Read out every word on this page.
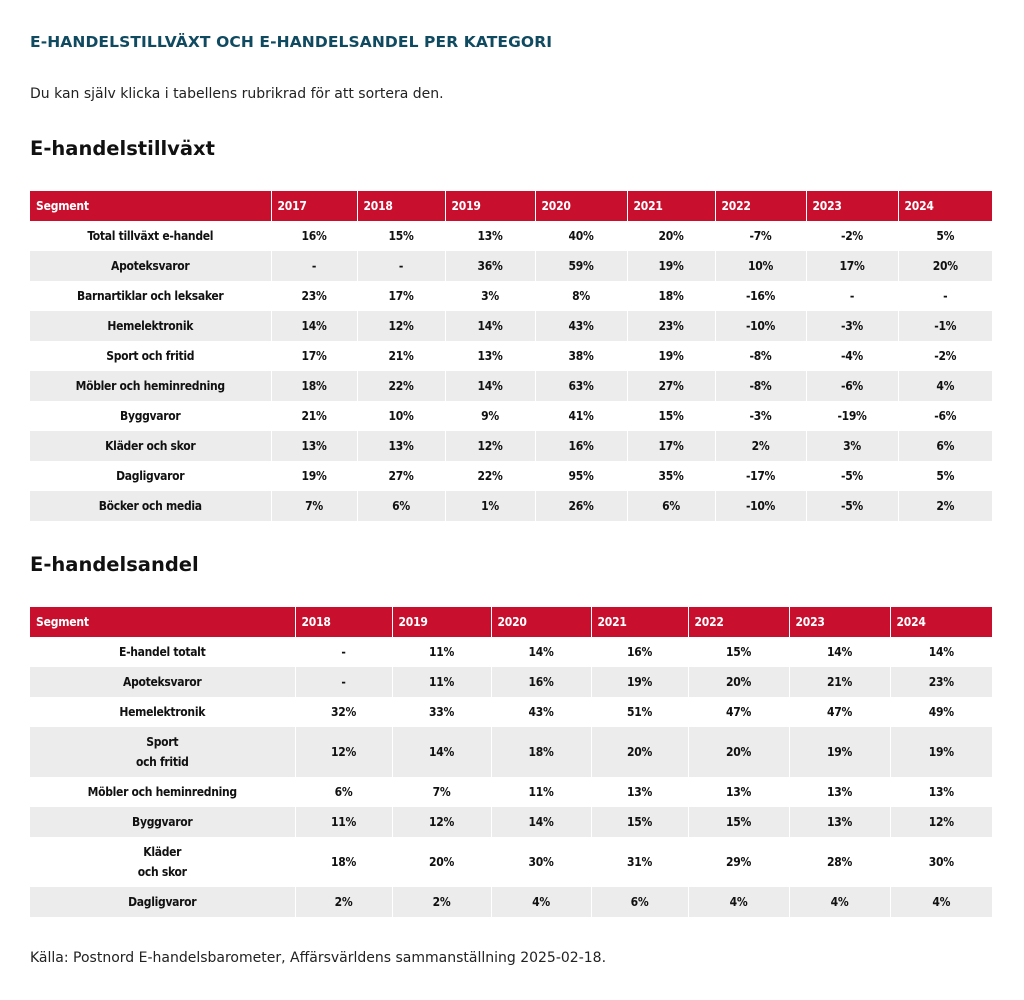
E-HANDELSTILLVÄXT OCH E-HANDELSANDEL PER KATEGORI
Du kan själv klicka i tabellens rubrikrad för att sortera den.
E-handelstillväxt
Segment	2017	2018	2019	2020	2021	2022	2023	2024
Total tillväxt e-handel	16%	15%	13%	40%	20%	-7%	-2%	5%
Apoteksvaror	-	-	36%	59%	19%	10%	17%	20%
Barnartiklar och leksaker	23%	17%	3%	8%	18%	-16%	-	-
Hemelektronik	14%	12%	14%	43%	23%	-10%	-3%	-1%
Sport och fritid	17%	21%	13%	38%	19%	-8%	-4%	-2%
Möbler och heminredning	18%	22%	14%	63%	27%	-8%	-6%	4%
Byggvaror	21%	10%	9%	41%	15%	-3%	-19%	-6%
Kläder och skor	13%	13%	12%	16%	17%	2%	3%	6%
Dagligvaror	19%	27%	22%	95%	35%	-17%	-5%	5%
Böcker och media	7%	6%	1%	26%	6%	-10%	-5%	2%
E-handelsandel
Segment	2018	2019	2020	2021	2022	2023	2024
E-handel totalt	-	11%	14%	16%	15%	14%	14%
Apoteksvaror	-	11%	16%	19%	20%	21%	23%
Hemelektronik	32%	33%	43%	51%	47%	47%	49%
Sport
och fritid	12%	14%	18%	20%	20%	19%	19%
Möbler och heminredning	6%	7%	11%	13%	13%	13%	13%
Byggvaror	11%	12%	14%	15%	15%	13%	12%
Kläder
och skor	18%	20%	30%	31%	29%	28%	30%
Dagligvaror	2%	2%	4%	6%	4%	4%	4%
Källa: Postnord E-handelsbarometer, Affärsvärldens sammanställning 2025-02-18.
